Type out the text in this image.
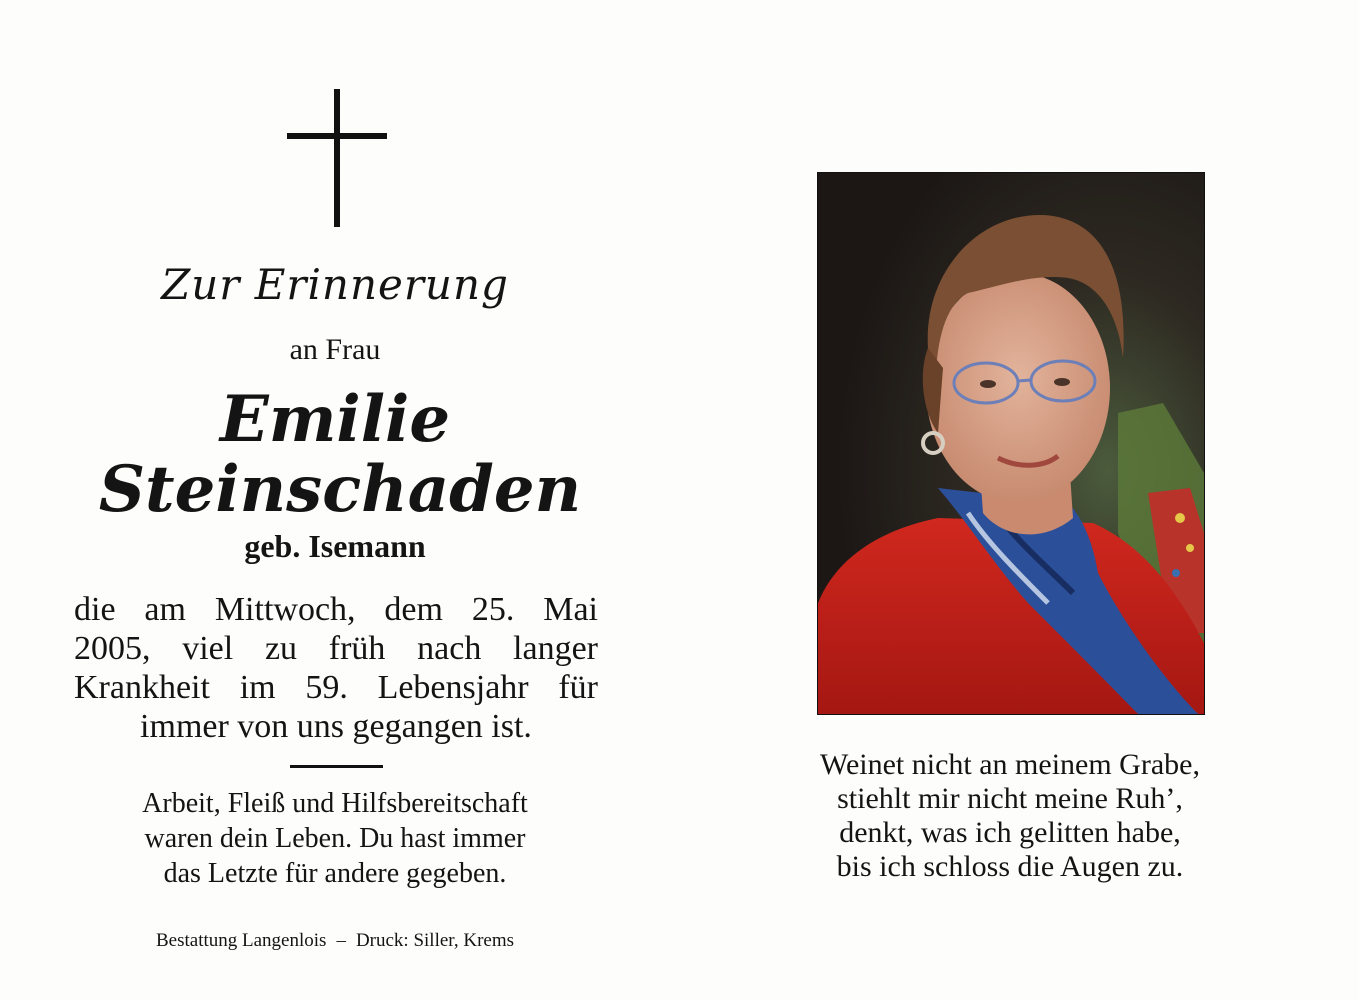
Zur Erinnerung
an Frau
Emilie
Steinschaden
geb. Isemann
die am Mittwoch, dem 25. Mai
2005, viel zu früh nach langer
Krankheit im 59. Lebensjahr für
immer von uns gegangen ist.
Arbeit, Fleiß und Hilfsbereitschaft
waren dein Leben. Du hast immer
das Letzte für andere gegeben.
Bestattung Langenlois – Druck: Siller, Krems
Weinet nicht an meinem Grabe,
stiehlt mir nicht meine Ruh’,
denkt, was ich gelitten habe,
bis ich schloss die Augen zu.
